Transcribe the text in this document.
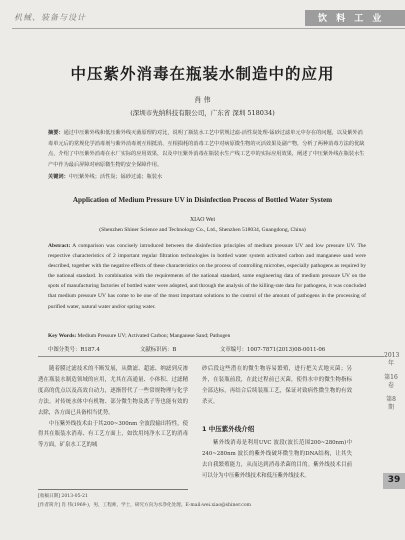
机械、装备与设计	饮 料 工 业
中压紫外消毒在瓶装水制造中的应用
肖 伟
(深圳市先纳科技有限公司，广东省 深圳 518034)
摘要：通过中压紫外线和低压紫外线灭菌原理的对比，说明了瓶装水工艺中常规过滤-活性炭处理-锰砂过滤单元中存在的问题，以及紫外消毒单元后的常规化学消毒剂与紫外消毒剂互相抵消、互相损耗的消毒工艺中对病原微生物的灭活效果及副产物，分析了两种消毒方法的优缺点，介绍了中压紫外消毒在水厂实际的应用效果，以及中压紫外消毒在瓶装水生产线工艺中的实际应用效果，阐述了中压紫外线在瓶装水生产中作为最后屏障对病原微生物的安全保障作用。
关键词：中压紫外线；活性炭；锰砂过滤；瓶装水
Application of Medium Pressure UV in Disinfection Process of Bottled Water System
XIAO Wei
(Shenzhen Shiner Science and Technology Co., Ltd., Shenzhen 518034, Guangdong, China)
Abstract: A comparison was concisely introduced between the disinfection principles of medium pressure UV and low pressure UV. The respective characteristics of 2 important regular filtration technologies in bottled water system activated carbon and manganese sand were described, together with the negative effects of these characteristics on the process of controlling microbes, especially pathogens as required by the national standard. In combination with the requirements of the national standard, some engineering data of medium pressure UV on the spots of manufacturing factories of bottled water were adopted, and through the analysis of the killing-rate data for pathogens, it was concluded that medium pressure UV has come to be one of the most important solutions to the control of the amount of pathogens in the processing of purified water, natural water and/or spring water.
Key Words: Medium Pressure UV; Activated Carbon; Manganese Sand; Pathogen
中图分类号：R187.4	文献标识码：B	文章编号：1007-7871(2013)08-0011-06

随着膜过滤技术的不断发展，从微滤、超滤、纳滤到反渗透在瓶装水制造领域的应用，尤其在高通量、小体积、过滤精度高的优点以及高效自动力，逐渐替代了一些常规物理与化学方法。对传统水体中有机物、部分微生物及离子等也能有效的去除，各方面已具备相当优势。

中压紫外线技术由于其200~300nm 全波段输出特性，使得其在瓶装水消毒、有工艺方面上，如饮用纯净水工艺的消毒等方面，矿泉水工艺的城

砂后段这些潜在的微生物容易繁殖，进行把关式地灭菌；另外，在装瓶前段，在此过程前已灭菌，使得水中的微生物指标全部达标，再结合后续装瓶工艺，保证对致病性微生物的有效杀灭。

1 中压紫外线介绍

紫外线消毒是利用UVC 波段(波长范围200~280nm)中240~280nm 波长的紫外线破坏微生物的DNA结构，让其失去自我繁殖能力，从而达到消毒杀菌的目的。紫外线技术目前可以分为中压紫外线技术和低压紫外线技术。

[收稿日期] 2013-05-21
[作者简介] 肖 伟(1969-)，男，工程师，学士，研究方向为水净化处理。E-mail:wei.xiao@shiner.com
2013年
第16卷
第8期
39
